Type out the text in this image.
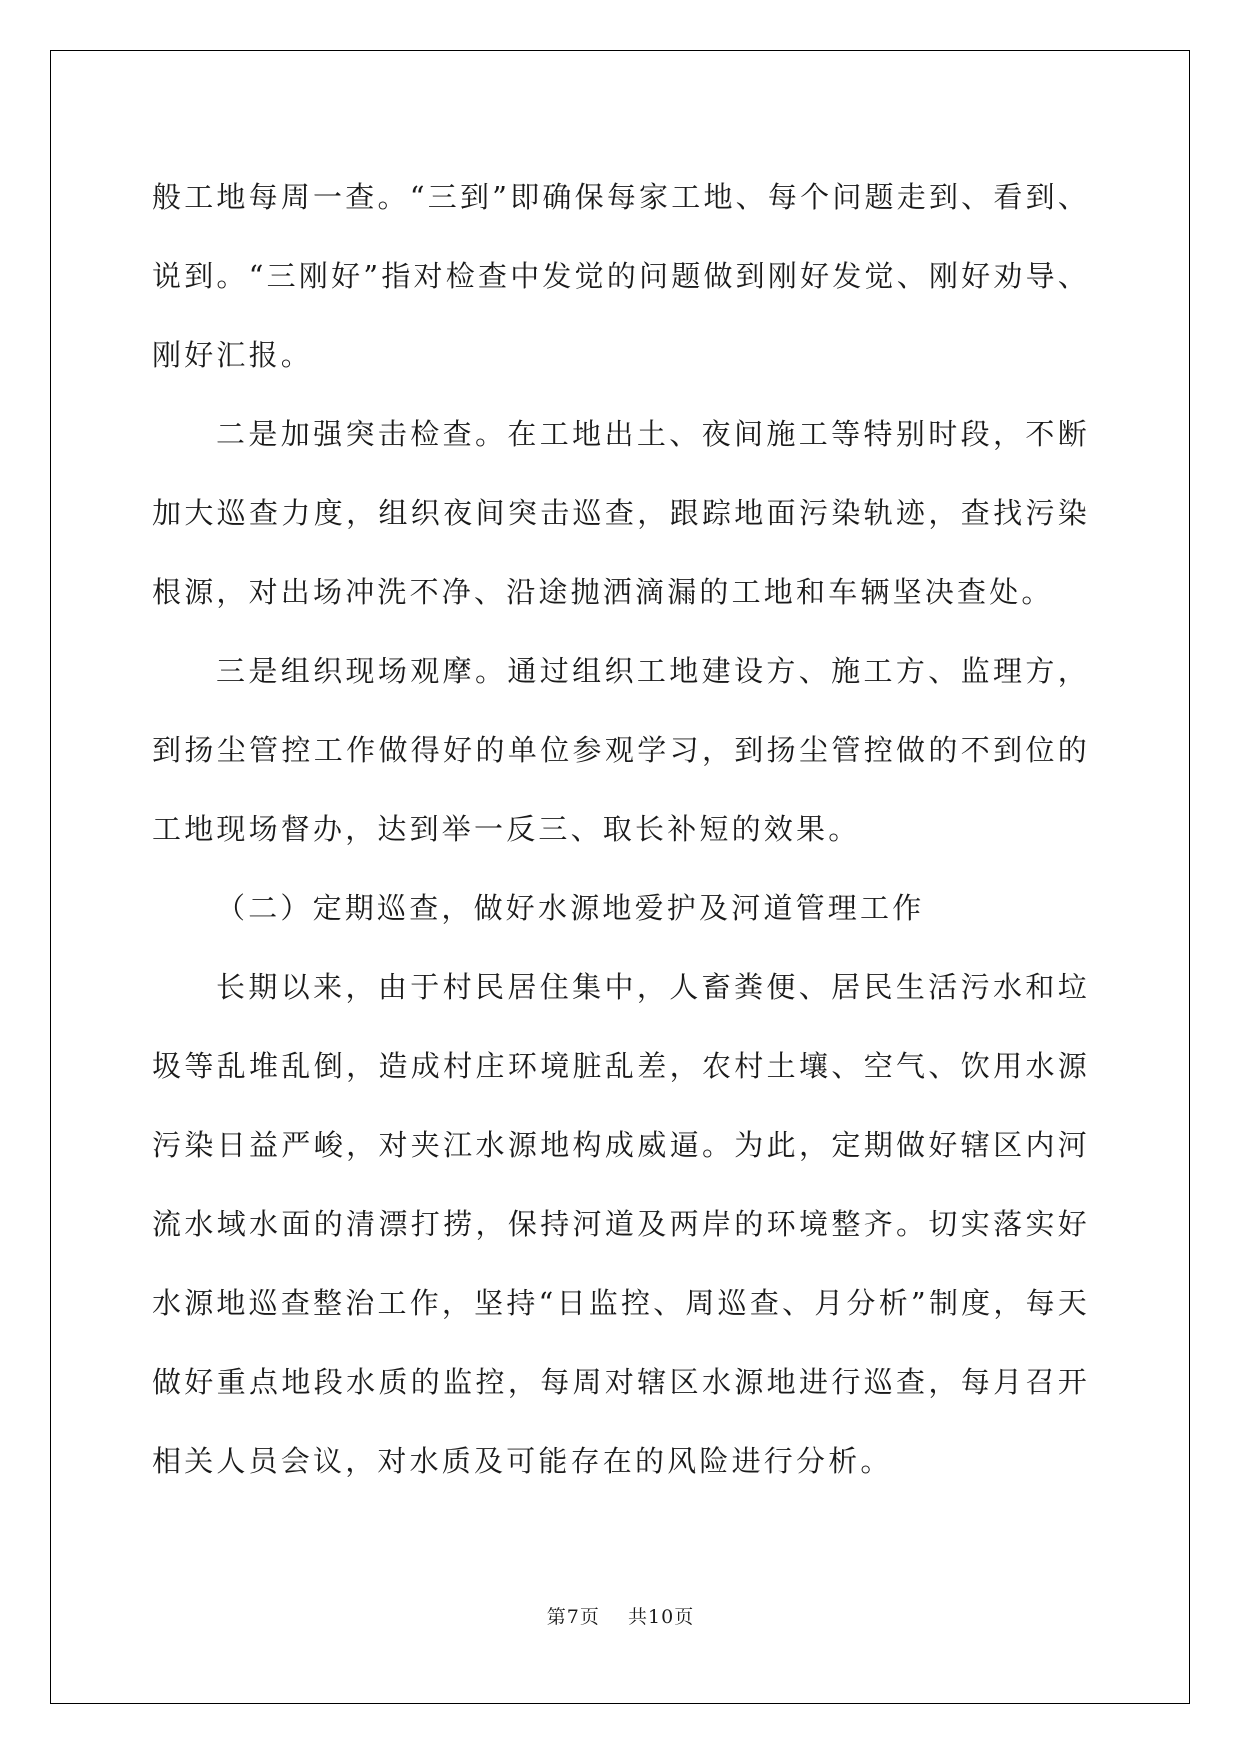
般工地每周一查。“三到”即确保每家工地、每个问题走到、看到、说到。“三刚好”指对检查中发觉的问题做到刚好发觉、刚好劝导、刚好汇报。

二是加强突击检查。在工地出土、夜间施工等特别时段，不断加大巡查力度，组织夜间突击巡查，跟踪地面污染轨迹，查找污染根源，对出场冲洗不净、沿途抛洒滴漏的工地和车辆坚决查处。

三是组织现场观摩。通过组织工地建设方、施工方、监理方，到扬尘管控工作做得好的单位参观学习，到扬尘管控做的不到位的工地现场督办，达到举一反三、取长补短的效果。

（二）定期巡查，做好水源地爱护及河道管理工作

长期以来，由于村民居住集中，人畜粪便、居民生活污水和垃圾等乱堆乱倒，造成村庄环境脏乱差，农村土壤、空气、饮用水源污染日益严峻，对夹江水源地构成威逼。为此，定期做好辖区内河流水域水面的清漂打捞，保持河道及两岸的环境整齐。切实落实好水源地巡查整治工作，坚持“日监控、周巡查、月分析”制度，每天做好重点地段水质的监控，每周对辖区水源地进行巡查，每月召开相关人员会议，对水质及可能存在的风险进行分析。

第7页 共10页
